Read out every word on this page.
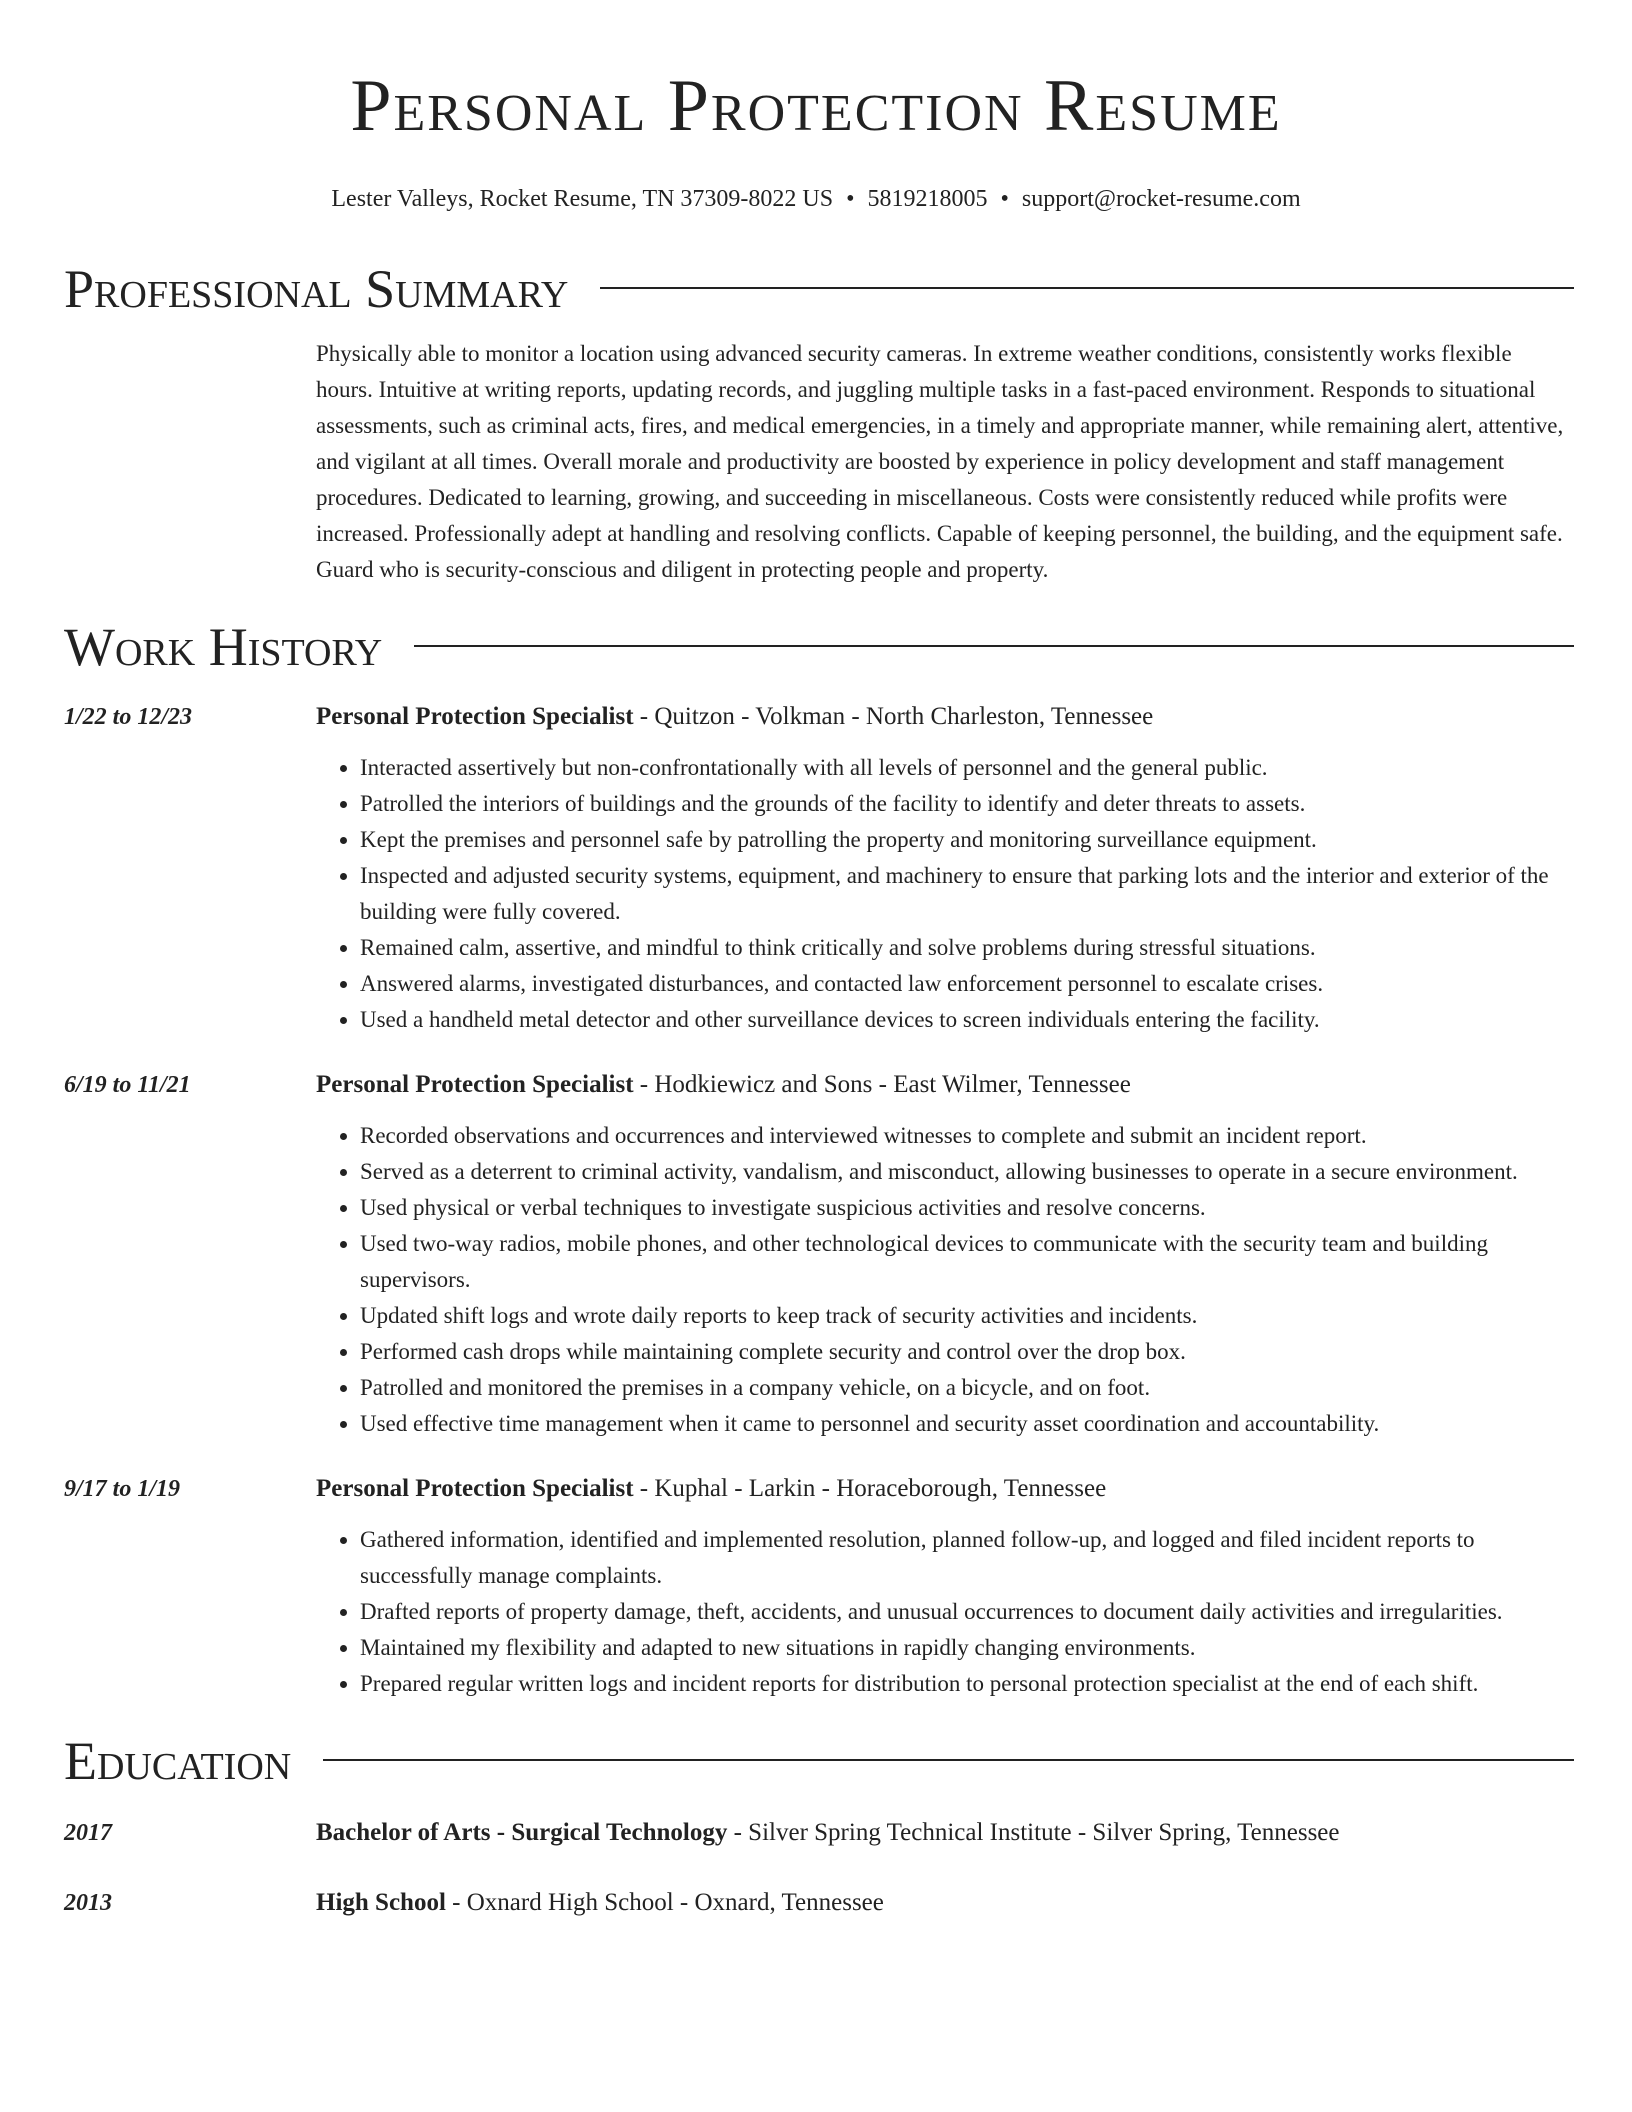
Personal Protection Resume
Lester Valleys, Rocket Resume, TN 37309-8022 US • 5819218005 • support@rocket-resume.com
Professional Summary

Physically able to monitor a location using advanced security cameras. In extreme weather conditions, consistently works flexible hours. Intuitive at writing reports, updating records, and juggling multiple tasks in a fast-paced environment. Responds to situational assessments, such as criminal acts, fires, and medical emergencies, in a timely and appropriate manner, while remaining alert, attentive, and vigilant at all times. Overall morale and productivity are boosted by experience in policy development and staff management procedures. Dedicated to learning, growing, and succeeding in miscellaneous. Costs were consistently reduced while profits were increased. Professionally adept at handling and resolving conflicts. Capable of keeping personnel, the building, and the equipment safe. Guard who is security-conscious and diligent in protecting people and property.

Work History
1/22 to 12/23	Personal Protection Specialist - Quitzon - Volkman - North Charleston, Tennessee
• Interacted assertively but non-confrontationally with all levels of personnel and the general public.
• Patrolled the interiors of buildings and the grounds of the facility to identify and deter threats to assets.
• Kept the premises and personnel safe by patrolling the property and monitoring surveillance equipment.
• Inspected and adjusted security systems, equipment, and machinery to ensure that parking lots and the interior and exterior of the building were fully covered.
• Remained calm, assertive, and mindful to think critically and solve problems during stressful situations.
• Answered alarms, investigated disturbances, and contacted law enforcement personnel to escalate crises.
• Used a handheld metal detector and other surveillance devices to screen individuals entering the facility.
6/19 to 11/21	Personal Protection Specialist - Hodkiewicz and Sons - East Wilmer, Tennessee
• Recorded observations and occurrences and interviewed witnesses to complete and submit an incident report.
• Served as a deterrent to criminal activity, vandalism, and misconduct, allowing businesses to operate in a secure environment.
• Used physical or verbal techniques to investigate suspicious activities and resolve concerns.
• Used two-way radios, mobile phones, and other technological devices to communicate with the security team and building supervisors.
• Updated shift logs and wrote daily reports to keep track of security activities and incidents.
• Performed cash drops while maintaining complete security and control over the drop box.
• Patrolled and monitored the premises in a company vehicle, on a bicycle, and on foot.
• Used effective time management when it came to personnel and security asset coordination and accountability.
9/17 to 1/19	Personal Protection Specialist - Kuphal - Larkin - Horaceborough, Tennessee
• Gathered information, identified and implemented resolution, planned follow-up, and logged and filed incident reports to successfully manage complaints.
• Drafted reports of property damage, theft, accidents, and unusual occurrences to document daily activities and irregularities.
• Maintained my flexibility and adapted to new situations in rapidly changing environments.
• Prepared regular written logs and incident reports for distribution to personal protection specialist at the end of each shift.
Education
2017	Bachelor of Arts - Surgical Technology - Silver Spring Technical Institute - Silver Spring, Tennessee
2013	High School - Oxnard High School - Oxnard, Tennessee
